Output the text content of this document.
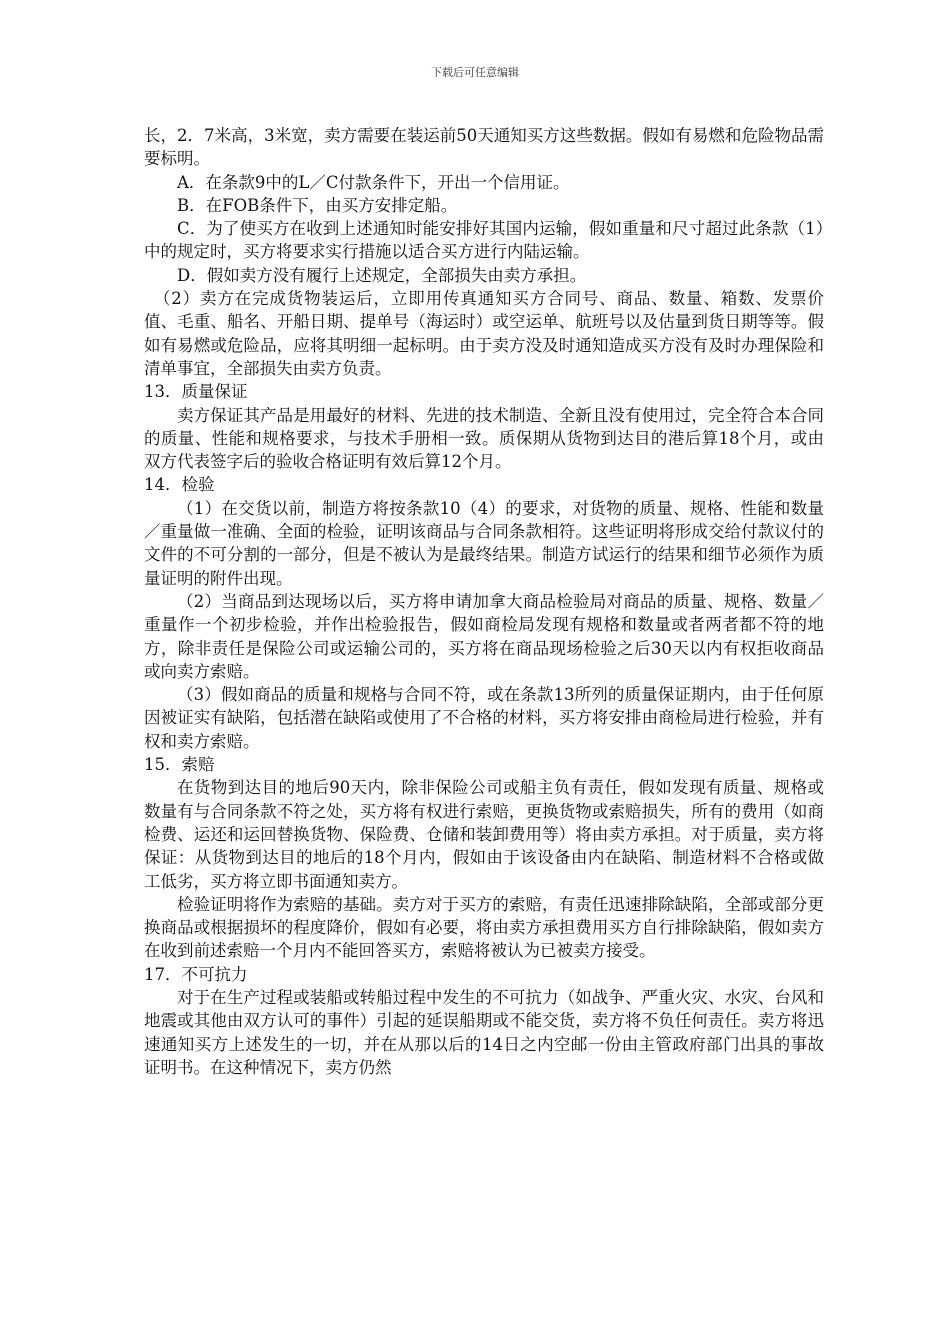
下载后可任意编辑

长，2．7米高，3米宽，卖方需要在装运前50天通知买方这些数据。假如有易燃和危险物品需要标明。

A．在条款9中的L／C付款条件下，开出一个信用证。

B．在FOB条件下，由买方安排定船。

C．为了使买方在收到上述通知时能安排好其国内运输，假如重量和尺寸超过此条款（1）中的规定时，买方将要求实行措施以适合买方进行内陆运输。

D．假如卖方没有履行上述规定，全部损失由卖方承担。

（2）卖方在完成货物装运后，立即用传真通知买方合同号、商品、数量、箱数、发票价值、毛重、船名、开船日期、提单号（海运时）或空运单、航班号以及估量到货日期等等。假如有易燃或危险品，应将其明细一起标明。由于卖方没及时通知造成买方没有及时办理保险和清单事宜，全部损失由卖方负责。

13．质量保证

卖方保证其产品是用最好的材料、先进的技术制造、全新且没有使用过，完全符合本合同的质量、性能和规格要求，与技术手册相一致。质保期从货物到达目的港后算18个月，或由双方代表签字后的验收合格证明有效后算12个月。

14．检验

（1）在交货以前，制造方将按条款10（4）的要求，对货物的质量、规格、性能和数量／重量做一准确、全面的检验，证明该商品与合同条款相符。这些证明将形成交给付款议付的文件的不可分割的一部分，但是不被认为是最终结果。制造方试运行的结果和细节必须作为质量证明的附件出现。

（2）当商品到达现场以后，买方将申请加拿大商品检验局对商品的质量、规格、数量／重量作一个初步检验，并作出检验报告，假如商检局发现有规格和数量或者两者都不符的地方，除非责任是保险公司或运输公司的，买方将在商品现场检验之后30天以内有权拒收商品或向卖方索赔。

（3）假如商品的质量和规格与合同不符，或在条款13所列的质量保证期内，由于任何原因被证实有缺陷，包括潜在缺陷或使用了不合格的材料，买方将安排由商检局进行检验，并有权和卖方索赔。

15．索赔

在货物到达目的地后90天内，除非保险公司或船主负有责任，假如发现有质量、规格或数量有与合同条款不符之处，买方将有权进行索赔，更换货物或索赔损失，所有的费用（如商检费、运还和运回替换货物、保险费、仓储和装卸费用等）将由卖方承担。对于质量，卖方将保证：从货物到达目的地后的18个月内，假如由于该设备由内在缺陷、制造材料不合格或做工低劣，买方将立即书面通知卖方。

检验证明将作为索赔的基础。卖方对于买方的索赔，有责任迅速排除缺陷，全部或部分更换商品或根据损坏的程度降价，假如有必要，将由卖方承担费用买方自行排除缺陷，假如卖方在收到前述索赔一个月内不能回答买方，索赔将被认为已被卖方接受。

17．不可抗力

对于在生产过程或装船或转船过程中发生的不可抗力（如战争、严重火灾、水灾、台风和地震或其他由双方认可的事件）引起的延误船期或不能交货，卖方将不负任何责任。卖方将迅速通知买方上述发生的一切，并在从那以后的14日之内空邮一份由主管政府部门出具的事故证明书。在这种情况下，卖方仍然
